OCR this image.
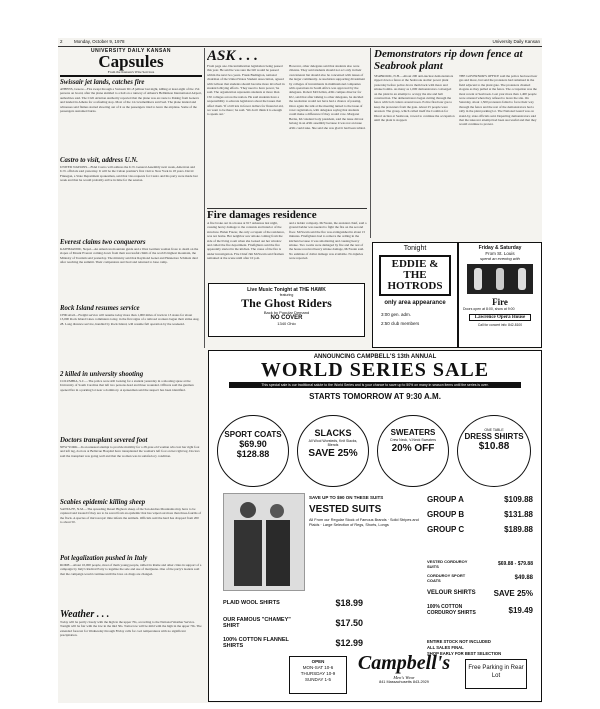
2	Monday, October 9, 1978	University Daily Kansan
UNIVERSITY DAILY KANSAN
Capsules
From the Kansan's Wire Services

Swissair jet lands, catches fire

ATHENS, Greece—Fire swept through a Swissair DC-8 jetliner last night, killing at least eight of the 154 persons on board, after the plane skidded to a halt on a runway of Athens's Hellinikon International Airport, authorities said. The Civil Aviation Authority reported that the plane was en route to Peking from Geneva and landed in Athens for a refueling stop. Most of the 14 crewmembers survived. The plane landed and witnesses said flames started shooting out of it as the passengers tried to leave the airplane. Some of the passengers sustained burns.

Castro to visit, address U.N.

UNITED NATIONS—Fidel Castro will address the U.N. General Assembly next week, American and U.N. officials said yesterday. It will be the Cuban premier's first visit to New York in 18 years. David Finnegan, a State Department spokesman, said that visa requests for Castro and his party were made last week and that he would probably arrive in time for the session.

Everest claims two conquerors

KATHMANDU, Nepal—An American mountain guide and a West German woman froze to death on the slopes of Mount Everest coming down from their successful climb of the world's highest mountain, the Ministry of Tourism said yesterday. The ministry said that Raymond Genet and Hannelore Schmatz died after reaching the summit. Their companions survived and returned to base camp.

Rock Island resumes service

CHICAGO—Freight service will resume today more than 1,000 miles of track in 13 states for about 13,000 Rock Island Lines commuters today, in the first signs of a railroad workers began their strike Aug. 28. Long distance service, handled by Rock Island, will resume full operation by the weekend.

2 killed in university shooting

COLUMBIA, S.C.—The police were still looking for a student yesterday in a shooting spree at the University of South Carolina that left two persons dead and three wounded. Officers said the gunman opened fire in a parking lot near a dormitory. A spokesman said the suspect has been identified.

Doctors transplant severed foot

NEW YORK—In an unusual attempt to provide mobility for a 28-year-old woman who lost her right foot and left leg, doctors at Bellevue Hospital have transplanted the woman's left foot on her right leg. Doctors said the transplant was going well and that the woman was in satisfactory condition.

Scabies epidemic killing sheep

SANTA FE, N.M.—The spreading Desert Bighorn sheep of the San Andres Mountains may have to be captured and treated if they are to be saved from an epidemic that has wiped out more than three-fourths of the flock. A species of microscopic mite infests the animals. Officials said the herd has dropped from 200 to about 50.

Pot legalization pushed in Italy

ROME—About 10,000 people, most of them young people, rallied in Rome and other cities in support of a campaign by Italy's Radical Party to legalize the sale and use of marijuana. One of the party's leaders said that the campaign would continue until the laws on drugs are changed.

Weather . . .

Today will be partly cloudy with the high in the upper 70s, according to the National Weather Service. Tonight will be fair with the low in the mid 50s. Tomorrow will be mild with the high in the upper 70s. The extended forecast for Wednesday through Friday calls for cool temperatures with no significant precipitation.
ASK . . .
From page one. Decentralization legislation being passed this year. He said he was sure the bill would be passed within the next two years. Frank Budington, national chairman of the United States Student Association, agreed with Gibson that students should become more involved in student lobbying efforts. 'They need to have power,' he said. The organization represents students at more than 150 colleges across the nation. He said students have a responsibility to educate legislators about the issues that affect them. 'If a bill lets in fewer dollars for financial aid, we want to be there,' he said. 'We don't think it is enough to speak out.'
However, other delegates said that students also were citizens. They said students should not act only in their own interest but should also be concerned with issues of the larger community. A resolution supporting divestment by colleges of investments in multinational companies with operations in South Africa was approved by the delegates. Robert McClellan, ASK campus director for KU, said that after talking to other delegates, he decided the resolution would not have had a chance of passing. Once again the talk at the meeting turned to the issue of voter registration, with delegates saying that students could make a difference if they would vote. Margaret Bertie, KU student body president, said the issue did not belong in an ASK assembly because it was not an issue ASK could take. She said she was glad it had been tabled.
Fire damages residence
A fire broke out in a house at 917 Arkansas last night, causing heavy damage to the contents and interior of the structure. Helen Frazer, the only occupant of the residence, was not home. Her neighbor saw smoke coming from the side of the living room when she looked out her window and called the fire department. Firefighters said the fire apparently started in the kitchen. The cause of the fire is under investigation. Fire Chief Jim McSwain said firemen remained at the scene until after 10 p.m.
and a ladder company. McSwain, the assistant chief, said a ground ladder was needed to fight the fire on the second floor. McSwain said the fire was extinguished in about 15 minutes. Firefighters had to remove the ceiling in the kitchen because it was smoldering and causing heavy smoke. Two rooms were damaged by fire and the rest of the house received heavy smoke damage, McSwain said. No estimate of dollar damage was available. No injuries were reported.
Live Music Tonight at THE HAWK
featuring
The Ghost Riders
Back by Popular Demand
NO COVER
1340 Ohio
Demonstrators rip down fence at Seabrook plant
SEABROOK, N.H.—About 200 anti-nuclear demonstrators ripped down a fence at the Seabrook atomic power plant yesterday before police drove them back with mace and smoke bombs. As many as 1,000 demonstrators converged on the plant in an attempt to occupy the site and halt construction. The demonstrators began cutting through the fence with bolt cutters around noon. Police fired tear gas to keep the protesters from the gate. About 25 people were arrested. The group, which called itself the Coalition for Direct Action at Seabrook, vowed to continue the occupation until the plant is stopped.
THE GOVERNOR'S OFFICE said the police had used tear gas and mace, but said the protesters had remained in the field adjacent to the plant gate. The protesters chanted slogans as they pulled at the fence. The occupation was the most recent at Seabrook. Last year more than 1,400 people were arrested when they refused to leave the site. On Saturday, about 1,500 protesters failed to force their way through the fence and the rest of the demonstrators had a rally in the plant parking lot. The National Guard was on stand-by, state officials said. Departing demonstrators said that the takeover attempt had been successful and that they would continue to protest.
Tonight
EDDIE & THE HOTRODS
only area appearance
3:00 gen. adm.
2:50 club members
Friday & Saturday
From St. Louis
spend an evening with
Fire
Doors open at 8:00, show at 9:00
Lawrence Opera House
Call for concert info: 842-8100
ANNOUNCING CAMPBELL'S 13th ANNUAL
WORLD SERIES SALE
This special sale is our traditional salute to the World Series and is your chance to save up to 50% on many in season items until the series is over.
STARTS TOMORROW AT 9:30 A.M.
SPORT COATS
$69.90
$128.88
SLACKS
All Wool Worsteds, Knit Slacks, Blends
SAVE 25%
SWEATERS
Crew Neck, V-Neck Sweaters
20% OFF
ONE TABLE
DRESS SHIRTS
$10.88
SAVE UP TO $90 ON THESE SUITS
VESTED SUITS
All From our Regular Stock of Famous Brands · Solid Stripes and Plaids · Large Selection of Regs, Shorts, Longs
GROUP A	$109.88
GROUP B	$131.88
GROUP C	$189.88
PLAID WOOL SHIRTS	$18.99
OUR FAMOUS "CHAMEY" SHIRT	$17.50
100% COTTON FLANNEL SHIRTS	$12.99
VESTED CORDUROY SUITS	$69.88 - $79.88
CORDUROY SPORT COATS	$49.88
VELOUR SHIRTS SAVE 25%
100% COTTON CORDUROY SHIRTS	$19.49
ENTIRE STOCK NOT INCLUDED
ALL SALES FINAL
SHOP EARLY FOR BEST SELECTION
OPEN
MON-SAT 10-6
THURSDAY 10-9
SUNDAY 1-5
Campbell's
Men's Wear
841 Massachusetts 843-2929
Free Parking in Rear Lot
